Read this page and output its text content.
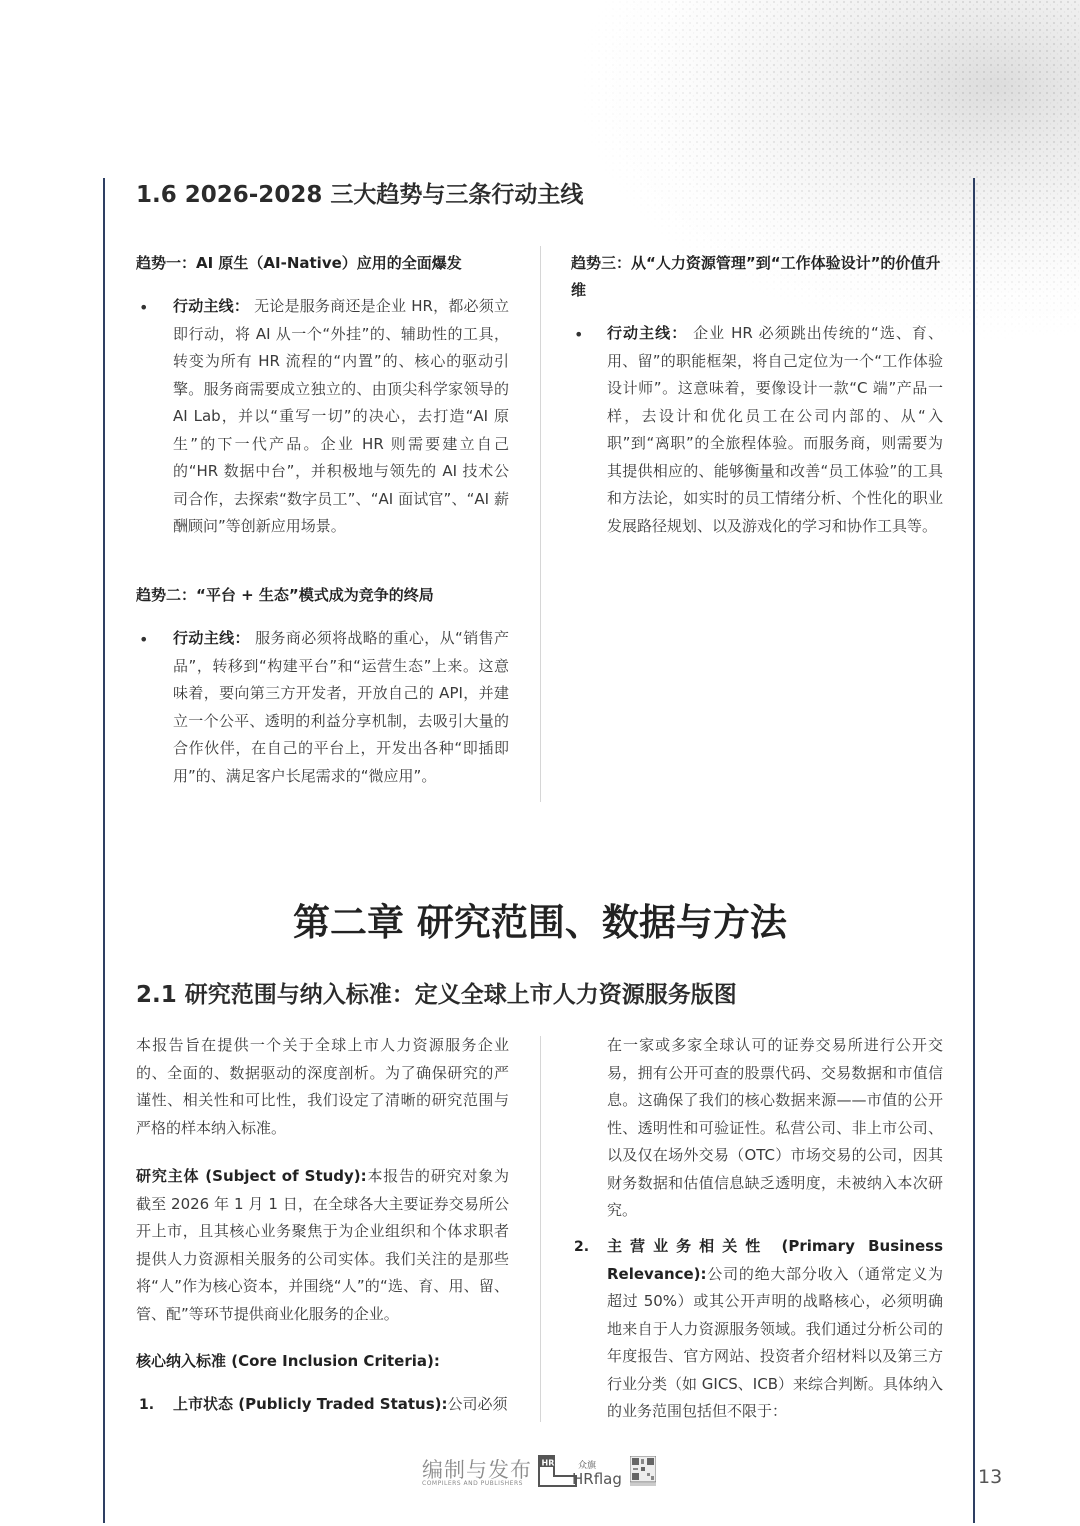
1.6 2026-2028 三大趋势与三条行动主线
趋势一：AI 原生（AI-Native）应用的全面爆发
• 行动主线： 无论是服务商还是企业 HR，都必须立即行动，将 AI 从一个“外挂”的、辅助性的工具，转变为所有 HR 流程的“内置”的、核心的驱动引擎。服务商需要成立独立的、由顶尖科学家领导的 AI Lab，并以“重写一切”的决心，去打造“AI 原生”的下一代产品。企业 HR 则需要建立自己的“HR 数据中台”，并积极地与领先的 AI 技术公司合作，去探索“数字员工”、“AI 面试官”、“AI 薪酬顾问”等创新应用场景。
趋势二：“平台 + 生态”模式成为竞争的终局
• 行动主线： 服务商必须将战略的重心，从“销售产品”，转移到“构建平台”和“运营生态”上来。这意味着，要向第三方开发者，开放自己的 API，并建立一个公平、透明的利益分享机制，去吸引大量的合作伙伴，在自己的平台上，开发出各种“即插即用”的、满足客户长尾需求的“微应用”。
趋势三：从“人力资源管理”到“工作体验设计”的价值升维
• 行动主线： 企业 HR 必须跳出传统的“选、育、用、留”的职能框架，将自己定位为一个“工作体验设计师”。这意味着，要像设计一款“C 端”产品一样，去设计和优化员工在公司内部的、从“入职”到“离职”的全旅程体验。而服务商，则需要为其提供相应的、能够衡量和改善“员工体验”的工具和方法论，如实时的员工情绪分析、个性化的职业发展路径规划、以及游戏化的学习和协作工具等。
第二章 研究范围、数据与方法
2.1 研究范围与纳入标准：定义全球上市人力资源服务版图
本报告旨在提供一个关于全球上市人力资源服务企业的、全面的、数据驱动的深度剖析。为了确保研究的严谨性、相关性和可比性，我们设定了清晰的研究范围与严格的样本纳入标准。
研究主体 (Subject of Study):本报告的研究对象为截至 2026 年 1 月 1 日，在全球各大主要证券交易所公开上市，且其核心业务聚焦于为企业组织和个体求职者提供人力资源相关服务的公司实体。我们关注的是那些将“人”作为核心资本，并围绕“人”的“选、育、用、留、管、配”等环节提供商业化服务的企业。
核心纳入标准 (Core Inclusion Criteria):
1. 上市状态 (Publicly Traded Status):公司必须
在一家或多家全球认可的证券交易所进行公开交易，拥有公开可查的股票代码、交易数据和市值信息。这确保了我们的核心数据来源——市值的公开性、透明性和可验证性。私营公司、非上市公司、以及仅在场外交易（OTC）市场交易的公司，因其财务数据和估值信息缺乏透明度，未被纳入本次研究。
2. 主营业务相关性 (Primary Business Relevance):公司的绝大部分收入（通常定义为超过 50%）或其公开声明的战略核心，必须明确地来自于人力资源服务领域。我们通过分析公司的年度报告、官方网站、投资者介绍材料以及第三方行业分类（如 GICS、ICB）来综合判断。具体纳入的业务范围包括但不限于：
编制与发布
COMPILERS AND PUBLISHERS
HR	众旗
HRflag	13
